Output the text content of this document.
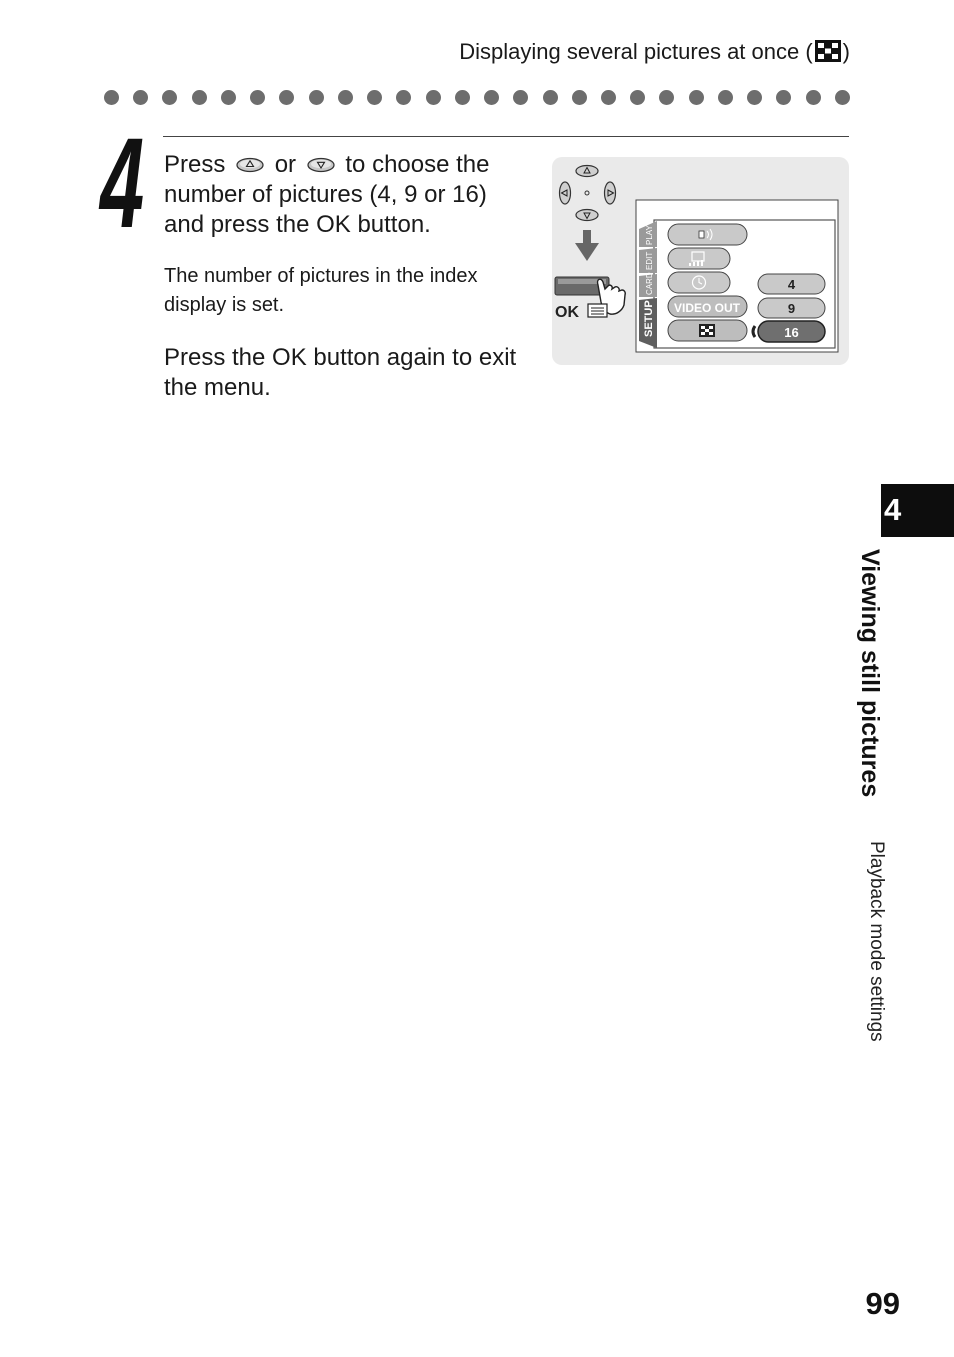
Displaying several pictures at once ( )
4 Press or to choose the number of pictures (4, 9 or 16) and press the OK button.
The number of pictures in the index display is set.
Press the OK button again to exit the menu.
OK	SETUP
CARD
EDIT
PLAY
VIDEO OUT
4
9
16
4
Viewing still pictures
Playback mode settings
99
